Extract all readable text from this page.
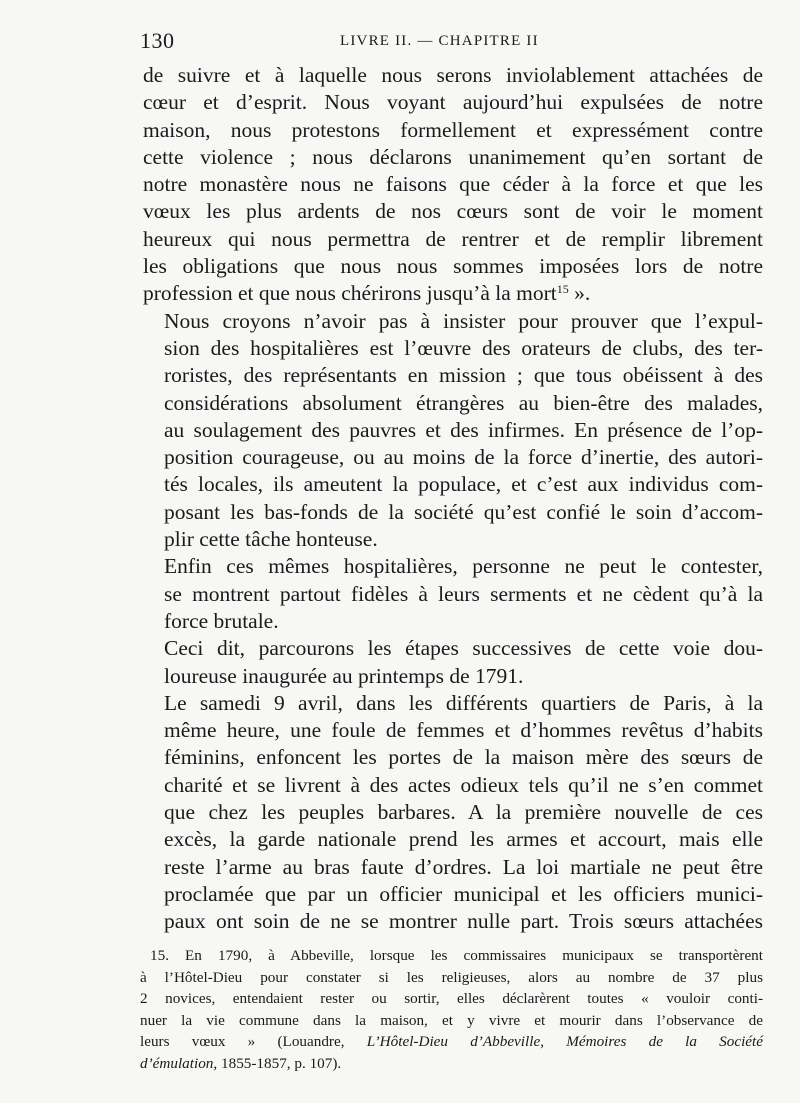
130	LIVRE II. — CHAPITRE II

de suivre et à laquelle nous serons inviolablement attachées de
cœur et d’esprit. Nous voyant aujourd’hui expulsées de notre
maison, nous protestons formellement et expressément contre
cette violence ; nous déclarons unanimement qu’en sortant de
notre monastère nous ne faisons que céder à la force et que les
vœux les plus ardents de nos cœurs sont de voir le moment
heureux qui nous permettra de rentrer et de remplir librement
les obligations que nous nous sommes imposées lors de notre
profession et que nous chérirons jusqu’à la mort$^{15}$ ».

Nous croyons n’avoir pas à insister pour prouver que l’expul-
sion des hospitalières est l’œuvre des orateurs de clubs, des ter-
roristes, des représentants en mission ; que tous obéissent à des
considérations absolument étrangères au bien-être des malades,
au soulagement des pauvres et des infirmes. En présence de l’op-
position courageuse, ou au moins de la force d’inertie, des autori-
tés locales, ils ameutent la populace, et c’est aux individus com-
posant les bas-fonds de la société qu’est confié le soin d’accom-
plir cette tâche honteuse.

Enfin ces mêmes hospitalières, personne ne peut le contester,
se montrent partout fidèles à leurs serments et ne cèdent qu’à la
force brutale.

Ceci dit, parcourons les étapes successives de cette voie dou-
loureuse inaugurée au printemps de 1791.

Le samedi 9 avril, dans les différents quartiers de Paris, à la
même heure, une foule de femmes et d’hommes revêtus d’habits
féminins, enfoncent les portes de la maison mère des sœurs de
charité et se livrent à des actes odieux tels qu’il ne s’en commet
que chez les peuples barbares. A la première nouvelle de ces
excès, la garde nationale prend les armes et accourt, mais elle
reste l’arme au bras faute d’ordres. La loi martiale ne peut être
proclamée que par un officier municipal et les officiers munici-
paux ont soin de ne se montrer nulle part. Trois sœurs attachées

15. En 1790, à Abbeville, lorsque les commissaires municipaux se transportèrent
à l’Hôtel-Dieu pour constater si les religieuses, alors au nombre de 37 plus
2 novices, entendaient rester ou sortir, elles déclarèrent toutes « vouloir conti-
nuer la vie commune dans la maison, et y vivre et mourir dans l’observance de
leurs vœux » (Louandre, L’Hôtel-Dieu d’Abbeville, Mémoires de la Société
d’émulation, 1855-1857, p. 107).
